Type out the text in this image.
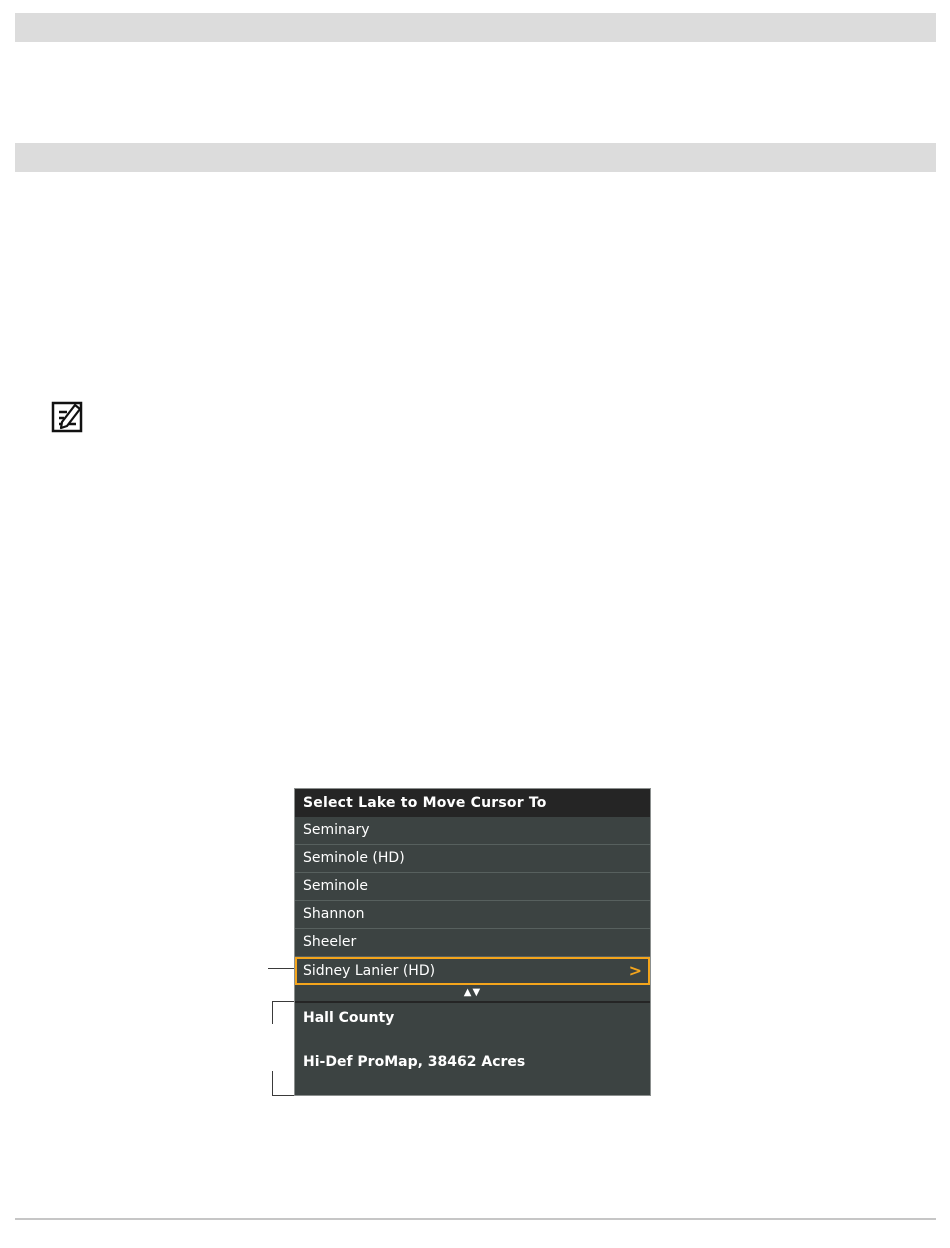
Select Lake to Move Cursor To
Seminary
Seminole (HD)
Seminole
Shannon
Sheeler
Sidney Lanier (HD)	>
▲▼
Hall County
Hi-Def ProMap, 38462 Acres
